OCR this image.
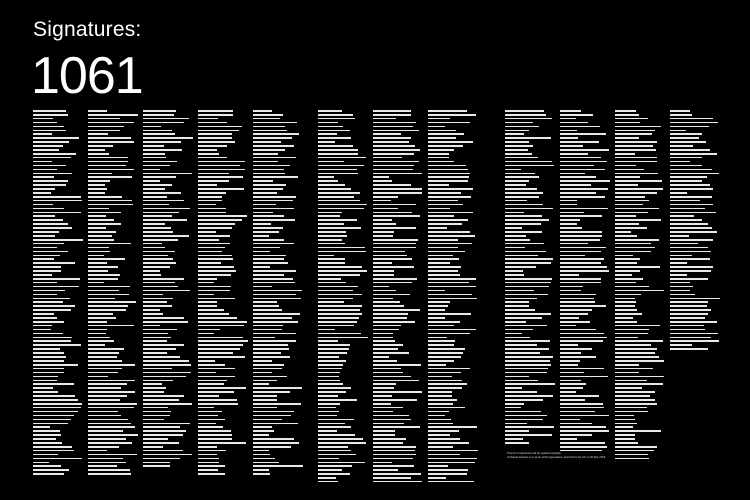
Signatures:
1061
This list of signatories will be updated regularly.
Architects Declare is a not-for-profit organisation, launched in the UK on 30 May 2019.
